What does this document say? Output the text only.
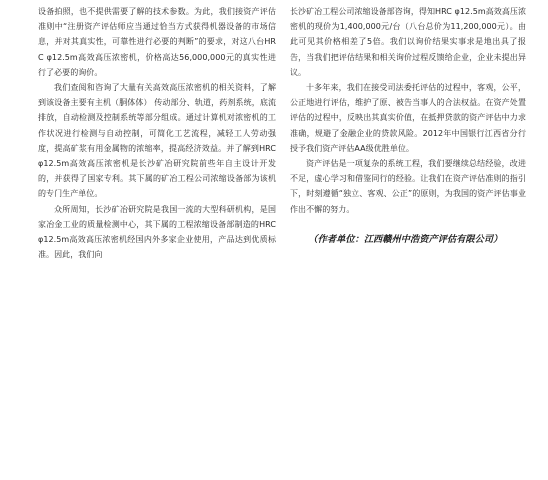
设备拍照，也不提供需要了解的技术参数。为此，我们接资产评估准则中“注册资产评估师应当通过恰当方式获得机器设备的市场信息，并对其真实性，可靠性进行必要的判断”的要求，对这八台HRC φ12.5m高效高压浓密机，价格高达56,000,000元的真实性进行了必要的询价。

我们查阅和咨询了大量有关高效高压浓密机的相关资料，了解到该设备主要有主机（胴体体） 传动部分、轨道，药剂系统，底流排放，自动检测及控制系统等部分组成。通过计算机对浓密机的工作状况进行检测与自动控制，可简化工艺流程，减轻工人劳动强度，提高矿浆有用金属物的浓缩率，提高经济效益。并了解到HRC φ12.5m高效高压浓密机是长沙矿冶研究院前些年自主设计开发的，并获得了国家专利。其下属的矿冶工程公司浓缩设备部为该机的专门生产单位。

众所周知，长沙矿冶研究院是我国一流的大型科研机构，是国家冶金工业的质量检测中心，其下属的工程浓缩设备部制造的HRC φ12.5m高效高压浓密机经国内外多家企业使用，产品达到优质标准。因此，我们向

长沙矿冶工程公司浓缩设备部咨询，得知HRC φ12.5m高效高压浓密机的现价为1,400,000元/台（八台总价为11,200,000元）。由此可见其价格相差了5倍。我们以询价结果实事求是地出具了报告，当我们把评估结果和相关询价过程反馈给企业，企业未提出异议。

十多年来，我们在接受司法委托评估的过程中，客观，公平，公正地进行评估，维护了原、被告当事人的合法权益。在资产处置评估的过程中，反映出其真实价值，在抵押贷款的资产评估中力求准确，规避了金融企业的贷款风险。2012年中国银行江西省分行授予我们资产评估AA级优胜单位。

资产评估是一项复杂的系统工程，我们要继续总结经验，改进不足，虚心学习和借鉴同行的经验。让我们在资产评估准则的指引下，时刻遵循“独立、客观、公正”的原则，为我国的资产评估事业作出不懈的努力。

（作者单位：江西赣州中浩资产评估有限公司）
